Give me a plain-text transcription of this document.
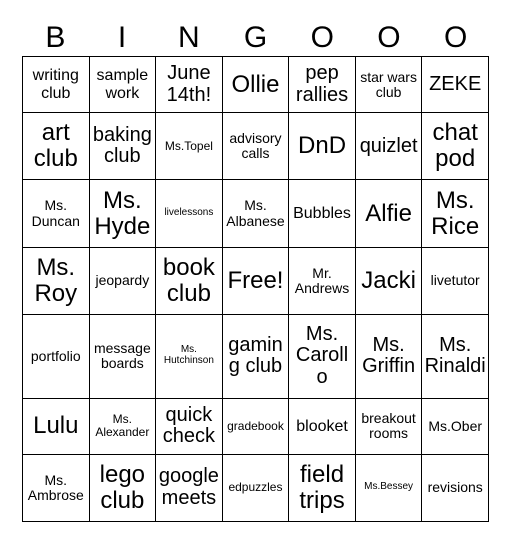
B	I	N	G	O	O	O
writing club	sample work	June 14th!	Ollie	pep rallies	star wars club	ZEKE
art club	baking club	Ms.Topel	advisory calls	DnD	quizlet	chat pod
Ms. Duncan	Ms. Hyde	livelessons	Ms. Albanese	Bubbles	Alfie	Ms. Rice
Ms. Roy	jeopardy	book club	Free!	Mr. Andrews	Jacki	livetutor
portfolio	message boards	Ms. Hutchinson	gaming club	Ms. Carollo	Ms. Griffin	Ms. Rinaldi
Lulu	Ms. Alexander	quick check	gradebook	blooket	breakout rooms	Ms.Ober
Ms. Ambrose	lego club	google meets	edpuzzles	field trips	Ms.Bessey	revisions
